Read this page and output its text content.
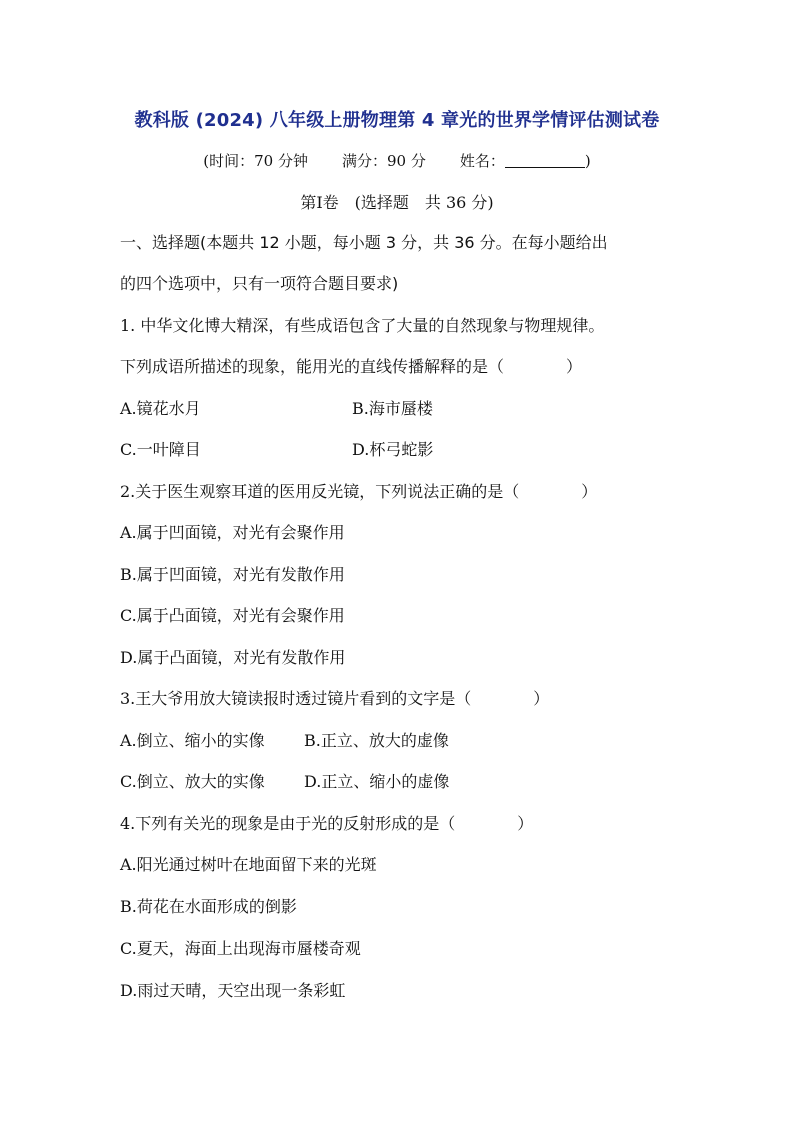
教科版 (2024) 八年级上册物理第 4 章光的世界学情评估测试卷
(时间：70 分钟 满分：90 分 姓名：	)
第Ⅰ卷　(选择题　共 36 分)
一、选择题(本题共 12 小题，每小题 3 分，共 36 分。在每小题给出
的四个选项中，只有一项符合题目要求)
1. 中华文化博大精深，有些成语包含了大量的自然现象与物理规律。
下列成语所描述的现象，能用光的直线传播解释的是（	）
A.镜花水月	B.海市蜃楼
C.一叶障目	D.杯弓蛇影
2.关于医生观察耳道的医用反光镜，下列说法正确的是（	）
A.属于凹面镜，对光有会聚作用
B.属于凹面镜，对光有发散作用
C.属于凸面镜，对光有会聚作用
D.属于凸面镜，对光有发散作用
3.王大爷用放大镜读报时透过镜片看到的文字是（	）
A.倒立、缩小的实像 B.正立、放大的虚像
C.倒立、放大的实像 D.正立、缩小的虚像
4.下列有关光的现象是由于光的反射形成的是（	）
A.阳光通过树叶在地面留下来的光斑
B.荷花在水面形成的倒影
C.夏天，海面上出现海市蜃楼奇观
D.雨过天晴，天空出现一条彩虹
